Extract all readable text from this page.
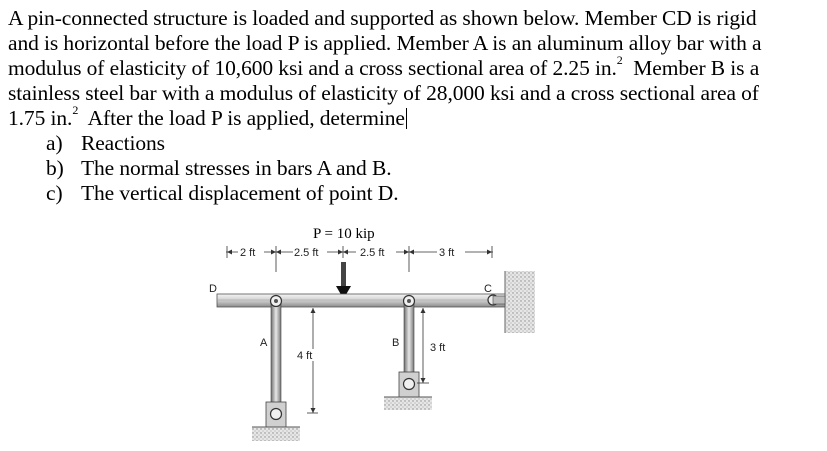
A pin-connected structure is loaded and supported as shown below. Member CD is rigid
and is horizontal before the load P is applied. Member A is an aluminum alloy bar with a
modulus of elasticity of 10,600 ksi and a cross sectional area of 2.25 in.$^2$ Member B is a
stainless steel bar with a modulus of elasticity of 28,000 ksi and a cross sectional area of
1.75 in.$^2$ After the load P is applied, determine
a) Reactions
b) The normal stresses in bars A and B.
c) The vertical displacement of point D.
P = 10 kip
2 ft	2.5 ft	2.5 ft	3 ft
4 ft
3 ft
D	C
A	B
